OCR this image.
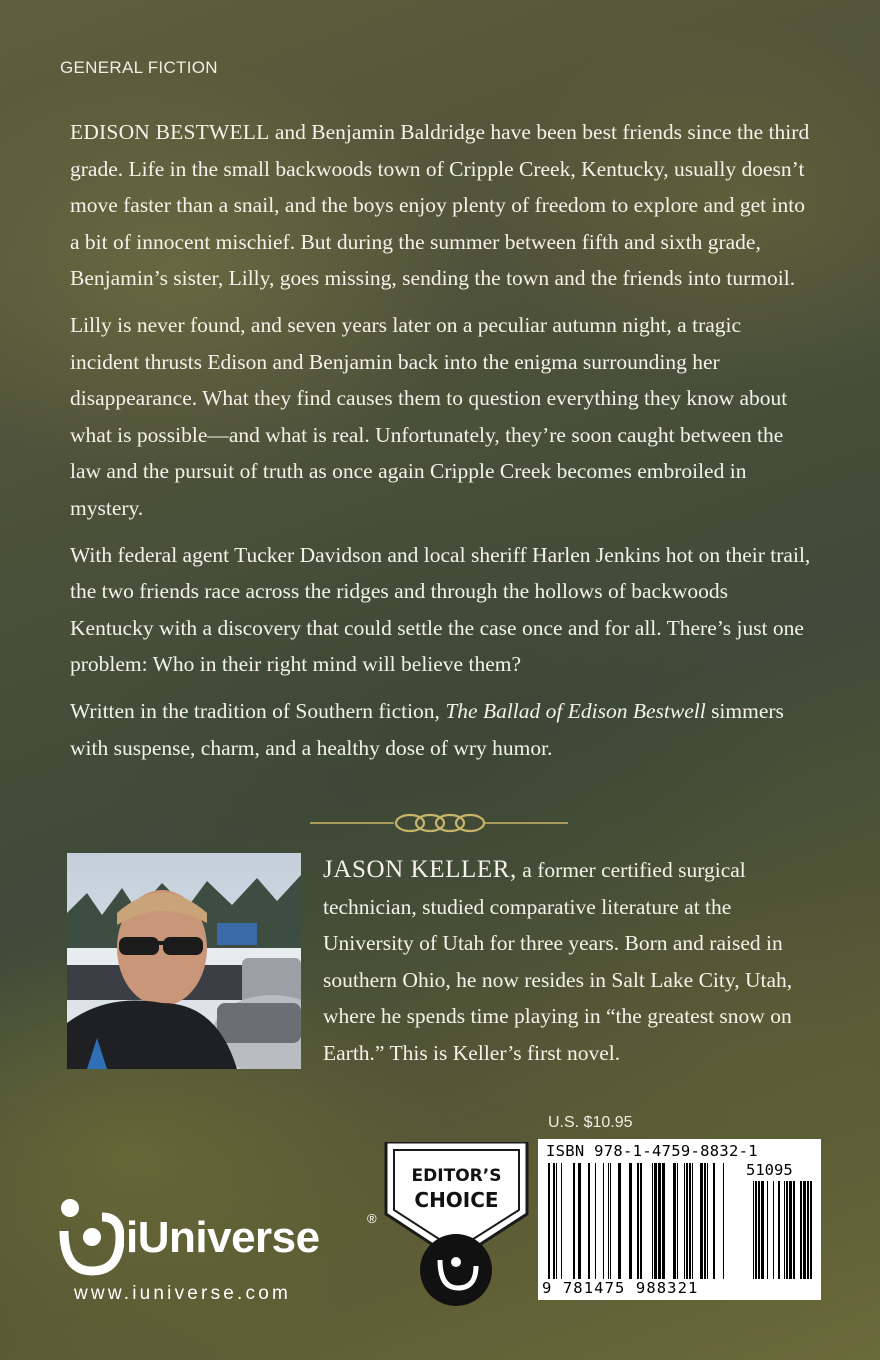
GENERAL FICTION

EDISON BESTWELL and Benjamin Baldridge have been best friends since the third grade. Life in the small backwoods town of Cripple Creek, Kentucky, usually doesn’t move faster than a snail, and the boys enjoy plenty of freedom to explore and get into a bit of innocent mischief. But during the summer between fifth and sixth grade, Benjamin’s sister, Lilly, goes missing, sending the town and the friends into turmoil.

Lilly is never found, and seven years later on a peculiar autumn night, a tragic incident thrusts Edison and Benjamin back into the enigma surrounding her disappearance. What they find causes them to question everything they know about what is possible—and what is real. Unfortunately, they’re soon caught between the law and the pursuit of truth as once again Cripple Creek becomes embroiled in mystery.

With federal agent Tucker Davidson and local sheriff Harlen Jenkins hot on their trail, the two friends race across the ridges and through the hollows of backwoods Kentucky with a discovery that could settle the case once and for all. There’s just one problem: Who in their right mind will believe them?

Written in the tradition of Southern fiction, The Ballad of Edison Bestwell simmers with suspense, charm, and a healthy dose of wry humor.

JASON KELLER, a former certified surgical technician, studied comparative literature at the University of Utah for three years. Born and raised in southern Ohio, he now resides in Salt Lake City, Utah, where he spends time playing in “the greatest snow on Earth.” This is Keller’s first novel.
U.S. $10.95
ISBN 978-1-4759-8832-1
51095
9 781475 988321
EDITOR’S
CHOICE
iUniverse	®
www.iuniverse.com
